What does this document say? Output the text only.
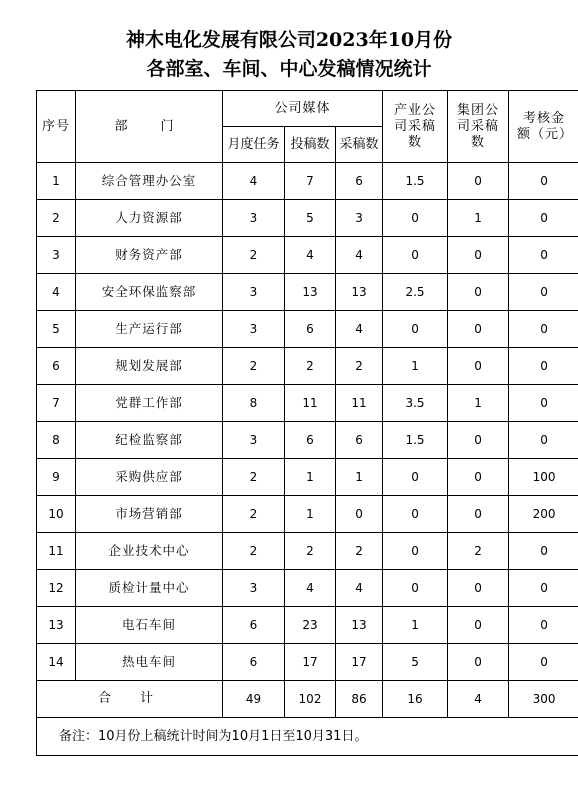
神木电化发展有限公司2023年10月份
各部室、车间、中心发稿情况统计
序号	部　门	公司媒体			产业公司采稿数	集团公司采稿数	考核金额（元）
		月度任务	投稿数	采稿数			
1	综合管理办公室	4	7	6	1.5	0	0
2	人力资源部	3	5	3	0	1	0
3	财务资产部	2	4	4	0	0	0
4	安全环保监察部	3	13	13	2.5	0	0
5	生产运行部	3	6	4	0	0	0
6	规划发展部	2	2	2	1	0	0
7	党群工作部	8	11	11	3.5	1	0
8	纪检监察部	3	6	6	1.5	0	0
9	采购供应部	2	1	1	0	0	100
10	市场营销部	2	1	0	0	0	200
11	企业技术中心	2	2	2	0	2	0
12	质检计量中心	3	4	4	0	0	0
13	电石车间	6	23	13	1	0	0
14	热电车间	6	17	17	5	0	0
合　计		49	102	86	16	4	300
备注：10月份上稿统计时间为10月1日至10月31日。							
